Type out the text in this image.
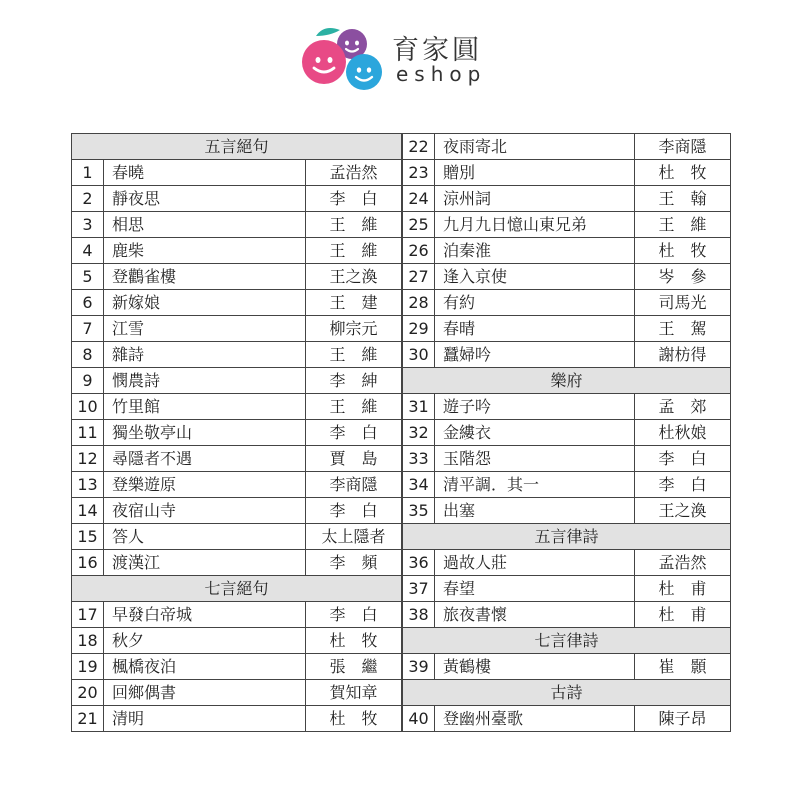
育家圓
eshop
五言絕句		
1	春曉	孟浩然
2	靜夜思	李　白
3	相思	王　維
4	鹿柴	王　維
5	登鸛雀樓	王之渙
6	新嫁娘	王　建
7	江雪	柳宗元
8	雜詩	王　維
9	憫農詩	李　紳
10	竹里館	王　維
11	獨坐敬亭山	李　白
12	尋隱者不遇	賈　島
13	登樂遊原	李商隱
14	夜宿山寺	李　白
15	答人	太上隱者
16	渡漢江	李　頻
七言絕句		
17	早發白帝城	李　白
18	秋夕	杜　牧
19	楓橋夜泊	張　繼
20	回鄉偶書	賀知章
21	清明	杜　牧
22	夜雨寄北	李商隱
23	贈別	杜　牧
24	涼州詞	王　翰
25	九月九日憶山東兄弟	王　維
26	泊秦淮	杜　牧
27	逢入京使	岑　參
28	有約	司馬光
29	春晴	王　駕
30	蠶婦吟	謝枋得
樂府		
31	遊子吟	孟　郊
32	金縷衣	杜秋娘
33	玉階怨	李　白
34	清平調．其一	李　白
35	出塞	王之渙
五言律詩		
36	過故人莊	孟浩然
37	春望	杜　甫
38	旅夜書懷	杜　甫
七言律詩		
39	黃鶴樓	崔　顥
古詩		
40	登幽州臺歌	陳子昂
